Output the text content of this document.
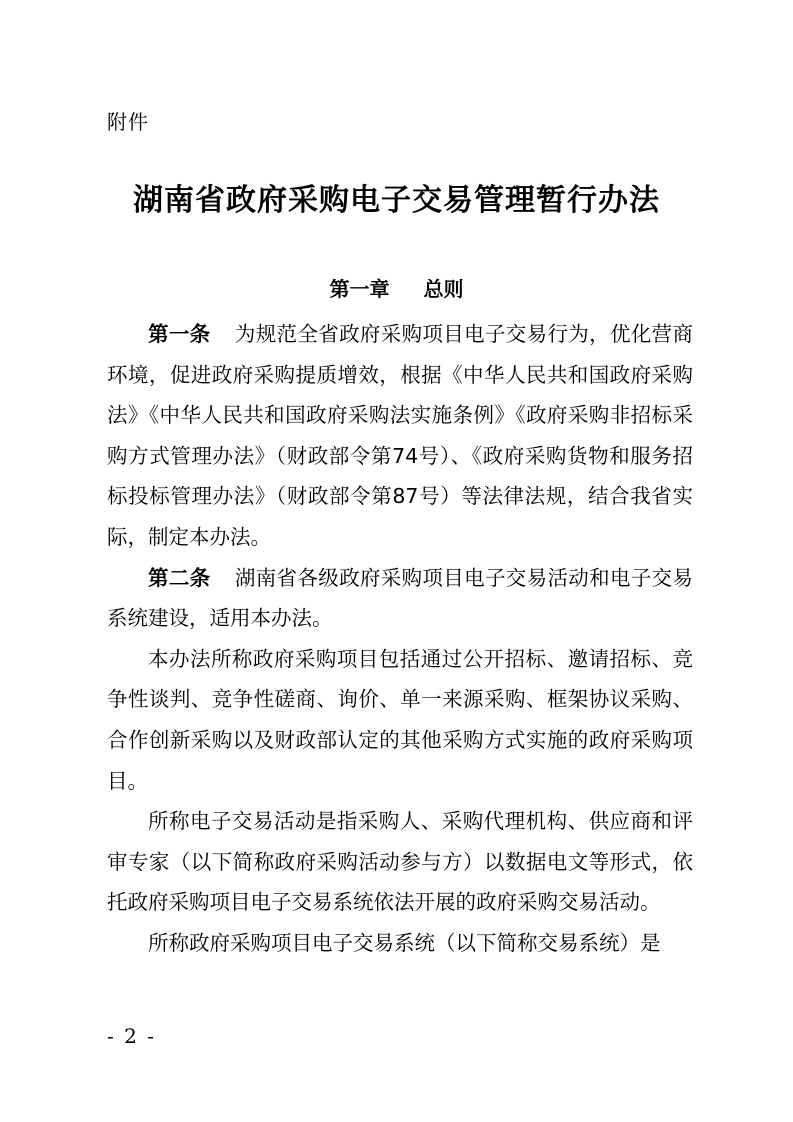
附件
湖南省政府采购电子交易管理暂行办法
第一章 总则

第一条 为规范全省政府采购项目电子交易行为，优化营商环境，促进政府采购提质增效，根据《中华人民共和国政府采购法》《中华人民共和国政府采购法实施条例》《政府采购非招标采购方式管理办法》（财政部令第74号）、《政府采购货物和服务招标投标管理办法》（财政部令第87号）等法律法规，结合我省实际，制定本办法。

第二条 湖南省各级政府采购项目电子交易活动和电子交易系统建设，适用本办法。

本办法所称政府采购项目包括通过公开招标、邀请招标、竞争性谈判、竞争性磋商、询价、单一来源采购、框架协议采购、合作创新采购以及财政部认定的其他采购方式实施的政府采购项目。

所称电子交易活动是指采购人、采购代理机构、供应商和评审专家（以下简称政府采购活动参与方）以数据电文等形式，依托政府采购项目电子交易系统依法开展的政府采购交易活动。

所称政府采购项目电子交易系统（以下简称交易系统）是

- 2 -
